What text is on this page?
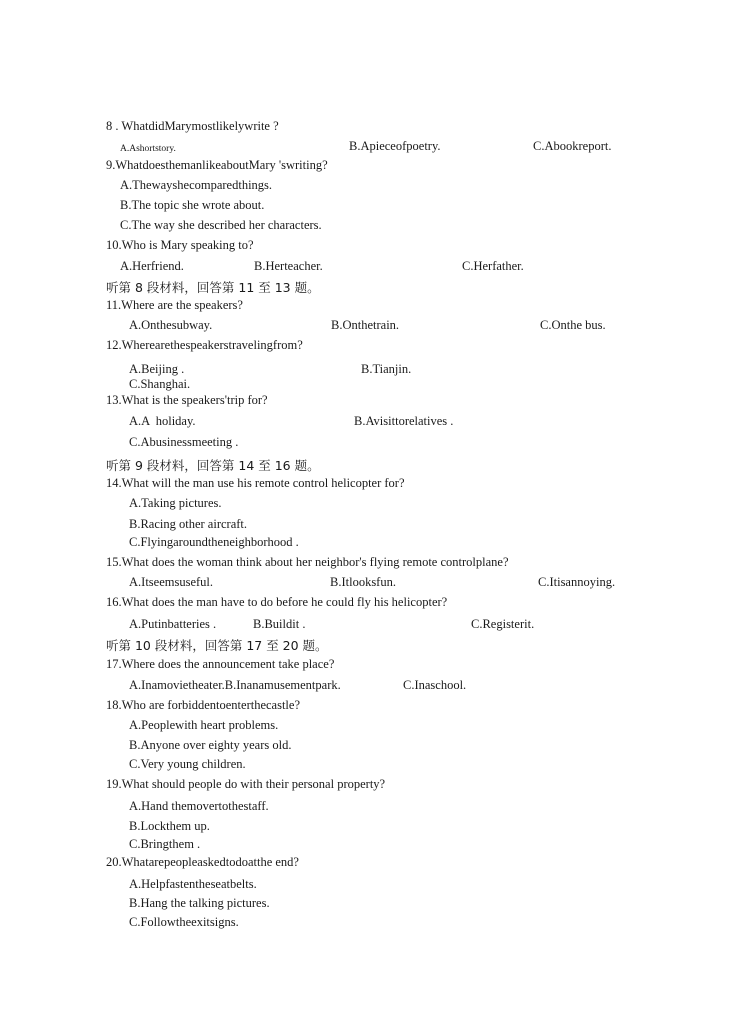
8 . WhatdidMarymostlikelywrite ?
A.Ashortstory.	B.Apieceofpoetry.	C.Abookreport.
9.WhatdoesthemanlikeaboutMary 'swriting?
A.Thewayshecomparedthings.
B.The topic she wrote about.
C.The way she described her characters.
10.Who is Mary speaking to?
A.Herfriend.	B.Herteacher.	C.Herfather.
听第 8 段材料，回答第 11 至 13 题。
11.Where are the speakers?
A.Onthesubway.	B.Onthetrain.	C.Onthe bus.
12.Wherearethespeakerstravelingfrom?
A.Beijing .	B.Tianjin.
C.Shanghai.
13.What is the speakers'trip for?
A.A  holiday.	B.Avisittorelatives .
C.Abusinessmeeting .
听第 9 段材料，回答第 14 至 16 题。
14.What will the man use his remote control helicopter for?
A.Taking pictures.
B.Racing other aircraft.
C.Flyingaroundtheneighborhood .
15.What does the woman think about her neighbor's flying remote controlplane?
A.Itseemsuseful.	B.Itlooksfun.	C.Itisannoying.
16.What does the man have to do before he could fly his helicopter?
A.Putinbatteries .	B.Buildit .	C.Registerit.
听第 10 段材料，回答第 17 至 20 题。
17.Where does the announcement take place?
A.Inamovietheater.B.Inanamusementpark.	C.Inaschool.
18.Who are forbiddentoenterthecastle?
A.Peoplewith heart problems.
B.Anyone over eighty years old.
C.Very young children.
19.What should people do with their personal property?
A.Hand themovertothestaff.
B.Lockthem up.
C.Bringthem .
20.Whatarepeopleaskedtodoatthe end?
A.Helpfastentheseatbelts.
B.Hang the talking pictures.
C.Followtheexitsigns.
